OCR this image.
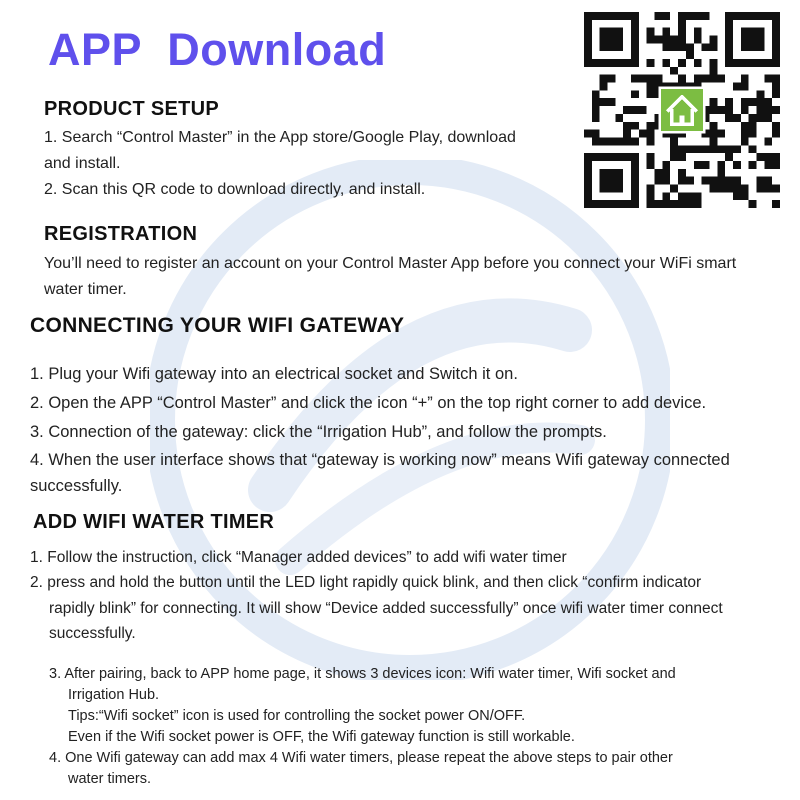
APP  Download
PRODUCT SETUP

1. Search “Control Master” in the App store/Google Play, download

and install.

2. Scan this QR code to download directly, and install.

REGISTRATION

You’ll need to register an account on your Control Master App before you connect your WiFi smart

water timer.

CONNECTING YOUR WIFI GATEWAY

1. Plug your Wifi gateway into an electrical socket and Switch it on.

2. Open the APP “Control Master” and click the icon “+” on the top right corner to add device.

3. Connection of the gateway: click the “Irrigation Hub”, and follow the prompts.

4. When the user interface shows that “gateway is working now” means Wifi gateway connected

successfully.

ADD WIFI WATER TIMER

1. Follow the instruction, click “Manager added devices” to add wifi water timer

2. press and hold the button until the LED light rapidly quick blink, and then click “confirm indicator

rapidly blink” for connecting. It will show “Device added successfully” once wifi water timer connect

successfully.

3. After pairing, back to APP home page, it shows 3 devices icon: Wifi water timer, Wifi socket and

Irrigation Hub.

Tips:“Wifi socket” icon is used for controlling the socket power ON/OFF.

Even if the Wifi socket power is OFF, the Wifi gateway function is still workable.

4. One Wifi gateway can add max 4 Wifi water timers, please repeat the above steps to pair other

water timers.
